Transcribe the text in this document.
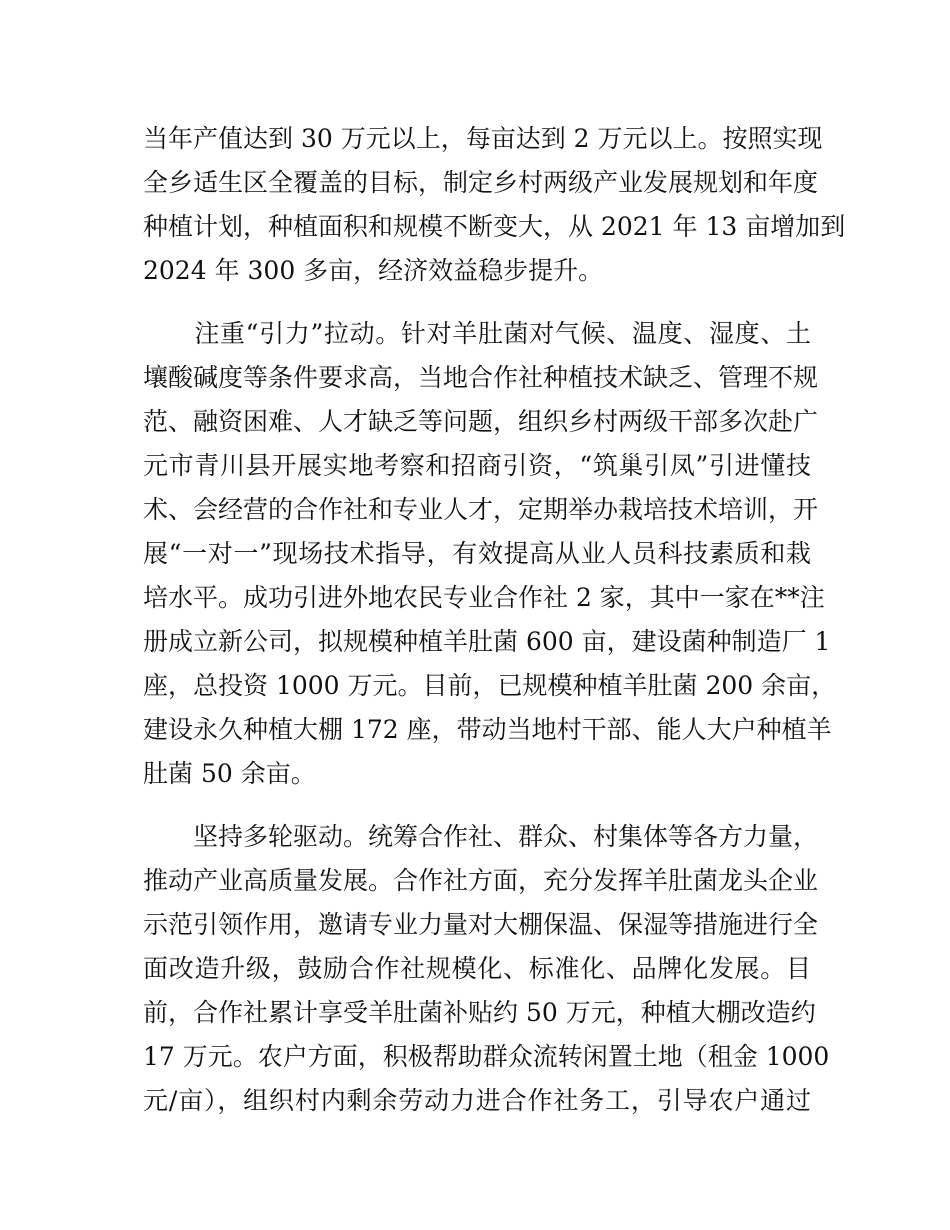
当年产值达到 30 万元以上，每亩达到 2 万元以上。按照实现
全乡适生区全覆盖的目标，制定乡村两级产业发展规划和年度
种植计划，种植面积和规模不断变大，从 2021 年 13 亩增加到
2024 年 300 多亩，经济效益稳步提升。
　　注重“引力”拉动。针对羊肚菌对气候、温度、湿度、土
壤酸碱度等条件要求高，当地合作社种植技术缺乏、管理不规
范、融资困难、人才缺乏等问题，组织乡村两级干部多次赴广
元市青川县开展实地考察和招商引资，“筑巢引凤”引进懂技
术、会经营的合作社和专业人才，定期举办栽培技术培训，开
展“一对一”现场技术指导，有效提高从业人员科技素质和栽
培水平。成功引进外地农民专业合作社 2 家，其中一家在**注
册成立新公司，拟规模种植羊肚菌 600 亩，建设菌种制造厂 1
座，总投资 1000 万元。目前，已规模种植羊肚菌 200 余亩，
建设永久种植大棚 172 座，带动当地村干部、能人大户种植羊
肚菌 50 余亩。
　　坚持多轮驱动。统筹合作社、群众、村集体等各方力量，
推动产业高质量发展。合作社方面，充分发挥羊肚菌龙头企业
示范引领作用，邀请专业力量对大棚保温、保湿等措施进行全
面改造升级，鼓励合作社规模化、标准化、品牌化发展。目
前，合作社累计享受羊肚菌补贴约 50 万元，种植大棚改造约
17 万元。农户方面，积极帮助群众流转闲置土地（租金 1000
元/亩），组织村内剩余劳动力进合作社务工，引导农户通过
